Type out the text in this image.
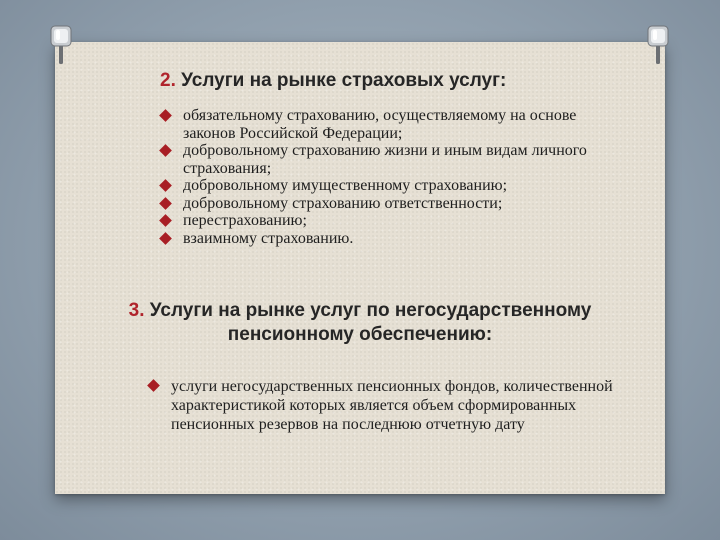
2. Услуги на рынке страховых услуг:

обязательному страхованию, осуществляемому на основе законов Российской Федерации;
добровольному страхованию жизни и иным видам личного страхования;
добровольному имущественному страхованию;
добровольному страхованию ответственности;
перестрахованию;
взаимному страхованию.

3. Услуги на рынке услуг по негосударственному
пенсионному обеспечению:

услуги негосударственных пенсионных фондов, количественной характеристикой которых является объем сформированных пенсионных резервов на последнюю отчетную дату
